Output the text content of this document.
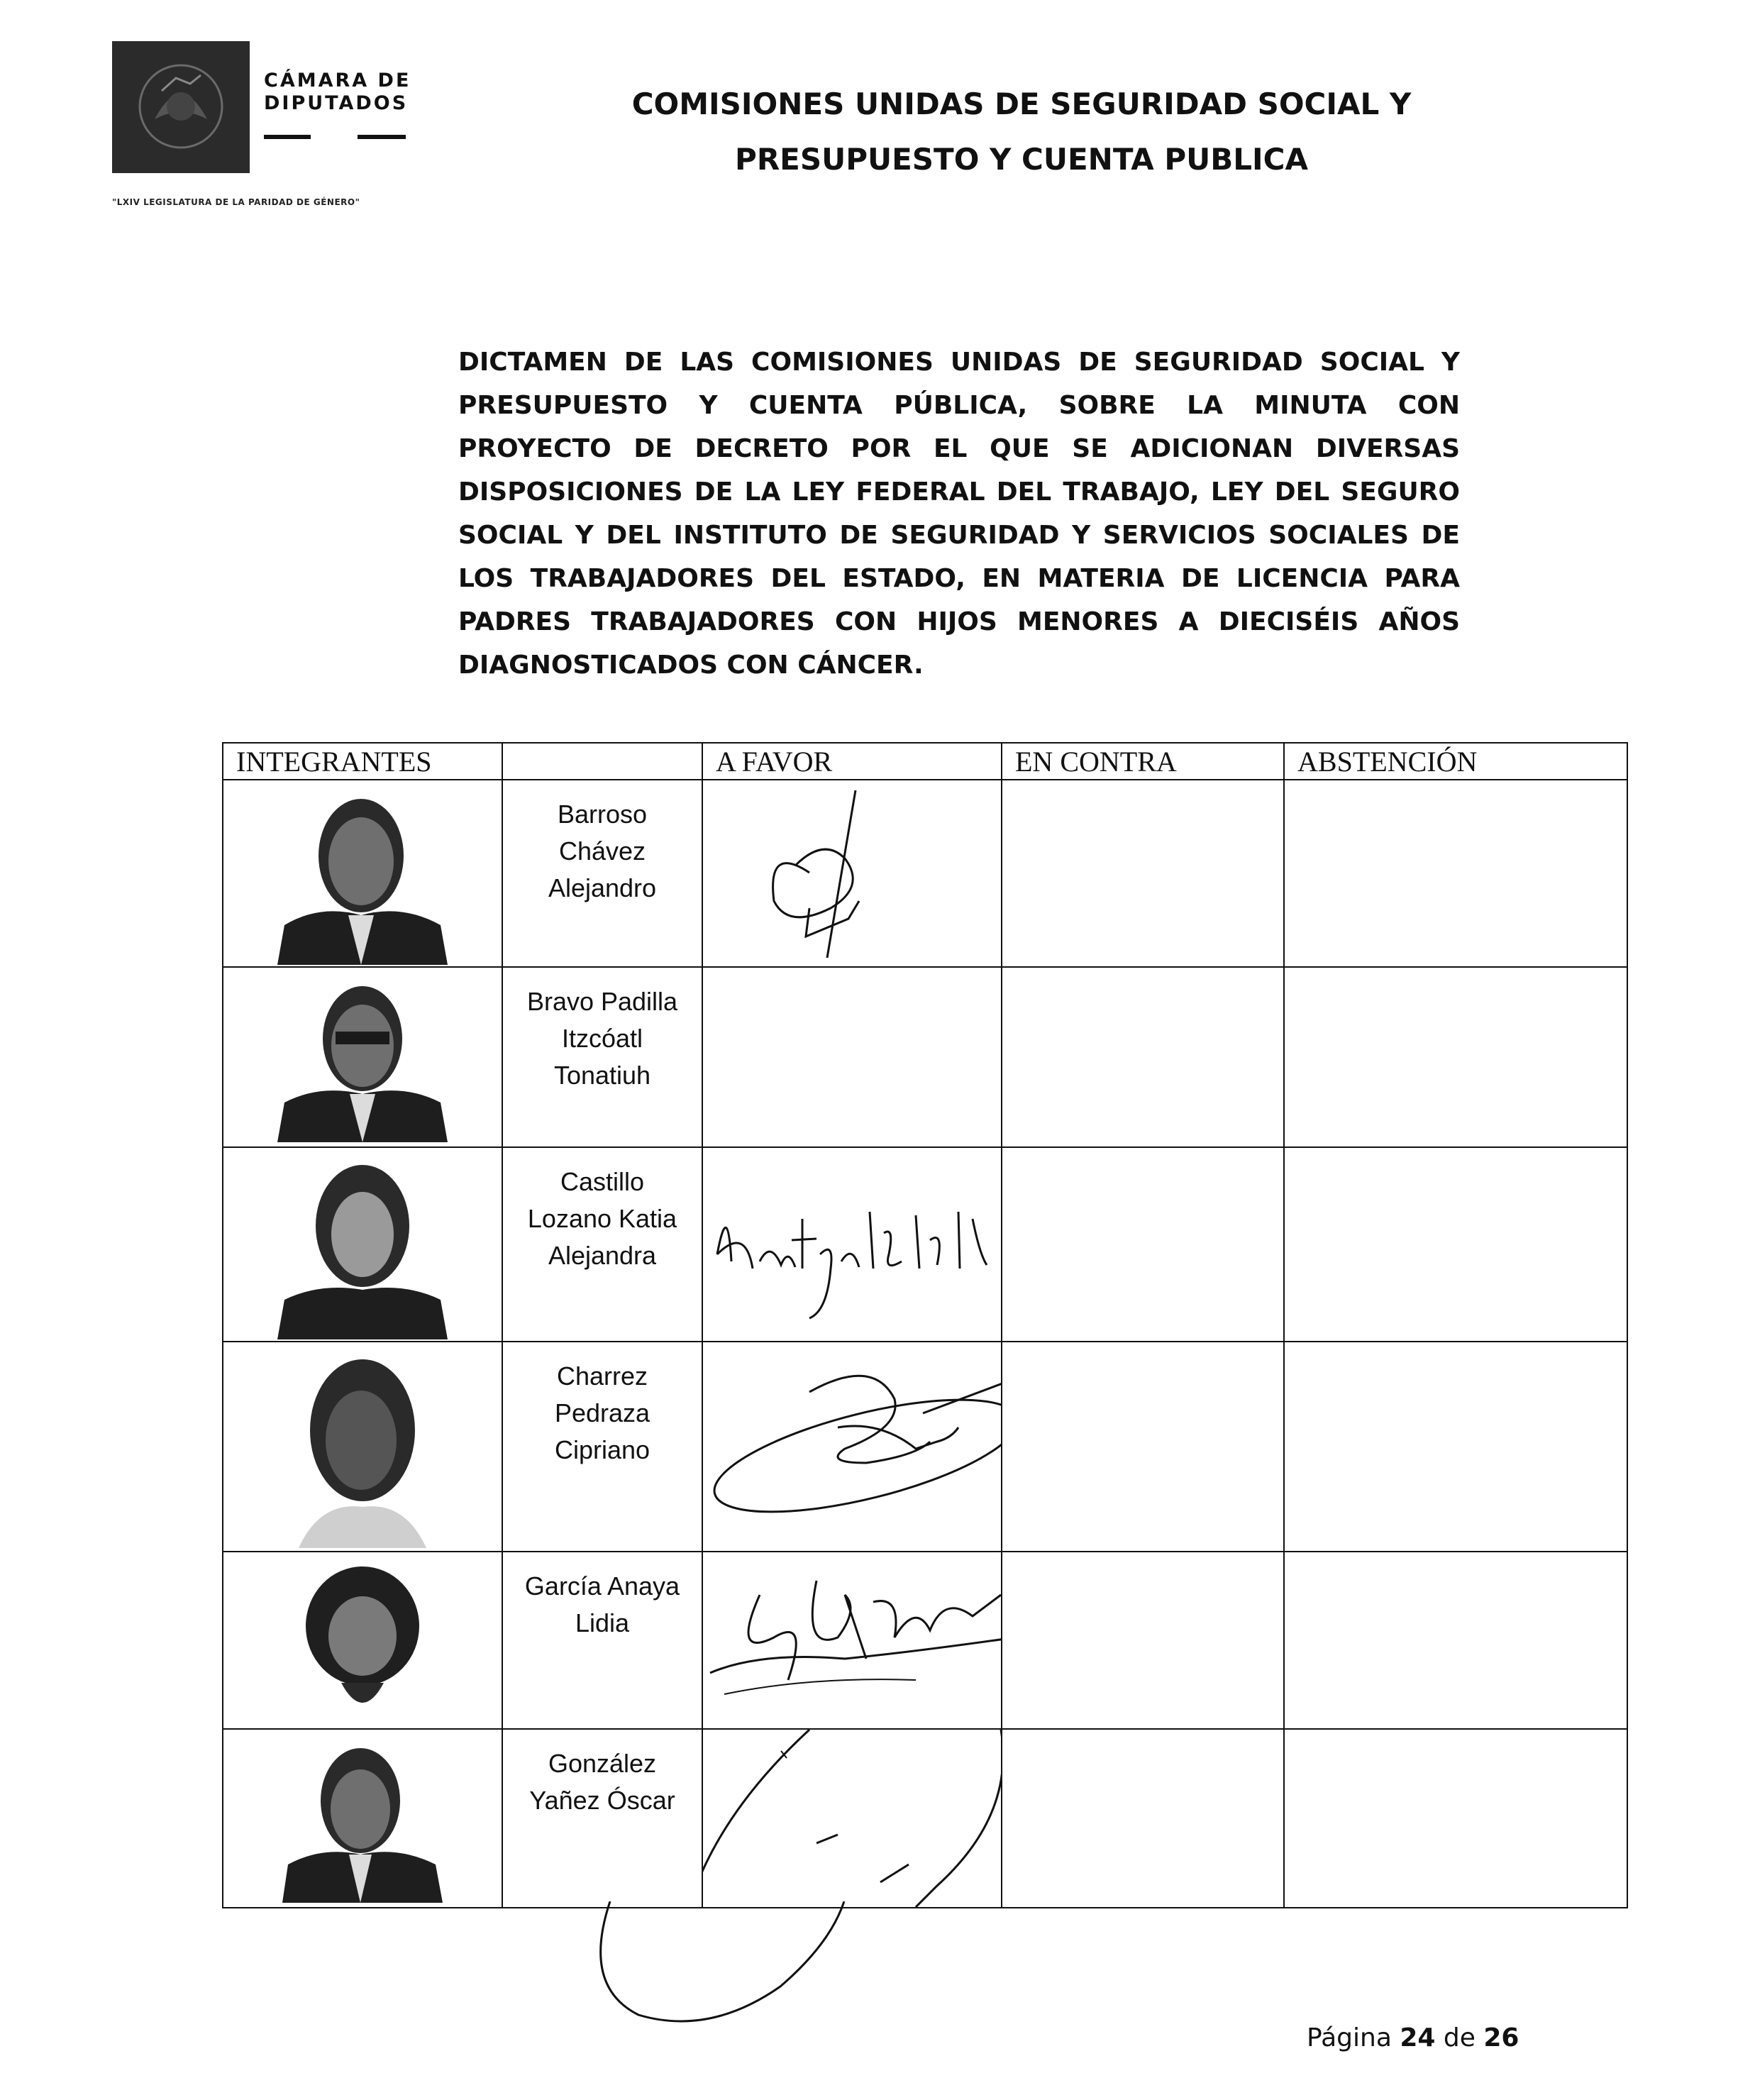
CÁMARA DE
DIPUTADOS
"LXIV LEGISLATURA DE LA PARIDAD DE GÉNERO"
COMISIONES UNIDAS DE SEGURIDAD SOCIAL Y
PRESUPUESTO Y CUENTA PUBLICA
DICTAMEN DE LAS COMISIONES UNIDAS DE SEGURIDAD SOCIAL Y PRESUPUESTO Y CUENTA PÚBLICA, SOBRE LA MINUTA CON PROYECTO DE DECRETO POR EL QUE SE ADICIONAN DIVERSAS DISPOSICIONES DE LA LEY FEDERAL DEL TRABAJO, LEY DEL SEGURO SOCIAL Y DEL INSTITUTO DE SEGURIDAD Y SERVICIOS SOCIALES DE LOS TRABAJADORES DEL ESTADO, EN MATERIA DE LICENCIA PARA PADRES TRABAJADORES CON HIJOS MENORES A DIECISÉIS AÑOS DIAGNOSTICADOS CON CÁNCER.
INTEGRANTES		A FAVOR	EN CONTRA	ABSTENCIÓN

Barroso
Chávez
Alejandro

Bravo Padilla
Itzcóatl
Tonatiuh			

Castillo
Lozano Katia
Alejandra

Charrez
Pedraza
Cipriano

García Anaya
Lidia

González
Yañez Óscar

Página 24 de 26
